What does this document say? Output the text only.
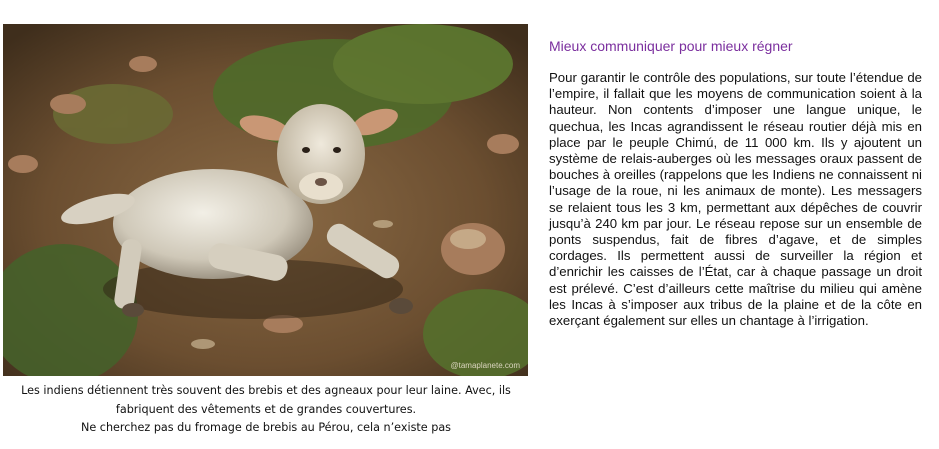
@tamaplanete.com
Les indiens détiennent très souvent des brebis et des agneaux pour leur laine. Avec, ils
fabriquent des vêtements et de grandes couvertures.
Ne cherchez pas du fromage de brebis au Pérou, cela n’existe pas
Mieux communiquer pour mieux régner
Pour garantir le contrôle des populations, sur toute l’étendue de l’empire, il fallait que les moyens de communication soient à la hauteur. Non contents d’imposer une langue unique, le quechua, les Incas agrandissent le réseau routier déjà mis en place par le peuple Chimú, de 11 000 km. Ils y ajoutent un système de relais-auberges où les messages oraux passent de bouches à oreilles (rappelons que les Indiens ne connaissent ni l’usage de la roue, ni les animaux de monte). Les messagers se relaient tous les 3 km, permettant aux dépêches de couvrir jusqu’à 240 km par jour. Le réseau repose sur un ensemble de ponts suspendus, fait de fibres d’agave, et de simples cordages. Ils permettent aussi de surveiller la région et d’enrichir les caisses de l’État, car à chaque passage un droit est prélevé. C’est d’ailleurs cette maîtrise du milieu qui amène les Incas à s’imposer aux tribus de la plaine et de la côte en exerçant également sur elles un chantage à l’irrigation.
